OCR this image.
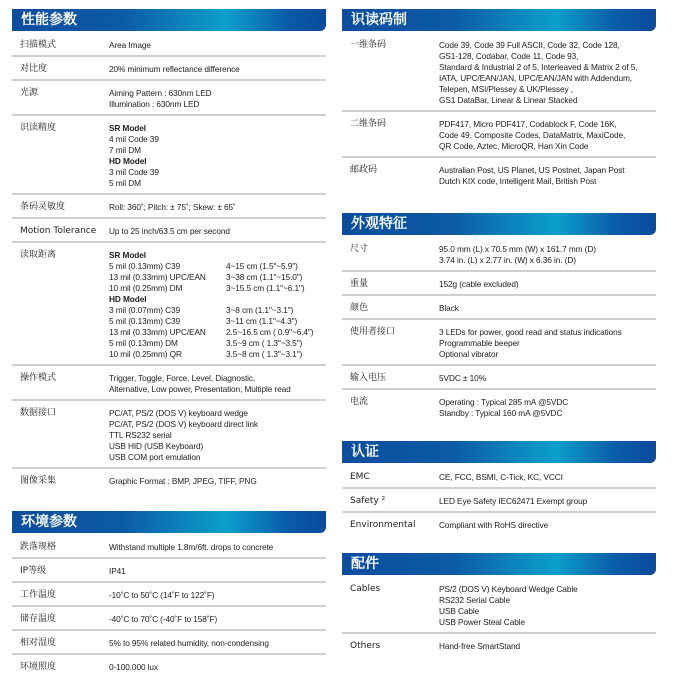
性能参数
扫描模式	Area Image
对比度	20% minimum reflectance difference
光源	Aiming Pattern : 630nm LED
Illumination : 630nm LED
识读精度	SR Model
4 mil Code 39
7 mil DM
HD Model
3 mil Code 39
5 mil DM
条码灵敏度	Roll: 360˚; Pitch: ± 75˚; Skew: ± 65˚
Motion Tolerance	Up to 25 inch/63.5 cm per second
读取距离	SR Model
5 mil (0.13mm) C39	4~15 cm (1.5"~5.9")
13 mil (0.33mm) UPC/EAN	3~38 cm (1.1"~15.0")
10 mil (0.25mm) DM	3~15.5 cm (1.1"~6.1")
HD Model
3 mil (0.07mm) C39	3~8 cm (1.1"~3.1")
5 mil (0.13mm) C39	3~11 cm (1.1"~4.3")
13 mil (0.33mm) UPC/EAN	2.5~16.5 cm ( 0.9"~6.4")
5 mil (0.13mm) DM	3.5~9 cm ( 1.3"~3.5")
10 mil (0.25mm) QR	3.5~8 cm ( 1.3"~3.1")
操作模式	Trigger, Toggle, Force, Level, Diagnostic,
Alternative, Low power, Presentation, Multiple read
数据接口	PC/AT, PS/2 (DOS V) keyboard wedge
PC/AT, PS/2 (DOS V) keyboard direct link
TTL RS232 serial
USB HID (USB Keyboard)
USB COM port emulation
图像采集	Graphic Format : BMP, JPEG, TIFF, PNG
环境参数
跌落规格	Withstand multiple 1.8m/6ft. drops to concrete
IP等级	IP41
工作温度	-10˚C to 50˚C (14˚F to 122˚F)
储存温度	-40˚C to 70˚C (-40˚F to 158˚F)
相对湿度	5% to 95% related humidity, non-condensing
环境照度	0-100,000 lux
识读码制
一维条码	Code 39, Code 39 Full ASCII, Code 32, Code 128,
GS1-128, Codabar, Code 11, Code 93,
Standard & Industrial 2 of 5, Interleaved & Matrix 2 of 5,
IATA, UPC/EAN/JAN, UPC/EAN/JAN with Addendum,
Telepen, MSI/Plessey & UK/Plessey ,
GS1 DataBar, Linear & Linear Stacked
二维条码	PDF417, Micro PDF417, Codablock F, Code 16K,
Code 49, Composite Codes, DataMatrix, MaxiCode,
QR Code, Aztec, MicroQR, Han Xin Code
邮政码	Australian Post, US Planet, US Postnet, Japan Post
Dutch KIX code, Intelligent Mail, British Post
外观特征
尺寸	95.0 mm (L) x 70.5 mm (W) x 161.7 mm (D)
3.74 in. (L) x 2.77 in. (W) x 6.36 in. (D)
重量	152g (cable excluded)
颜色	Black
使用者接口	3 LEDs for power, good read and status indications
Programmable beeper
Optional vibrator
输入电压	5VDC ± 10%
电流	Operating : Typical 285 mA @5VDC
Standby : Typical 160 mA @5VDC
认证
EMC	CE, FCC, BSMI, C-Tick, KC, VCCI
Safety ²	LED Eye Safety IEC62471 Exempt group
Environmental	Compliant with RoHS directive
配件
Cables	PS/2 (DOS V) Keyboard Wedge Cable
RS232 Serial Cable
USB Cable
USB Power Steal Cable
Others	Hand-free SmartStand
